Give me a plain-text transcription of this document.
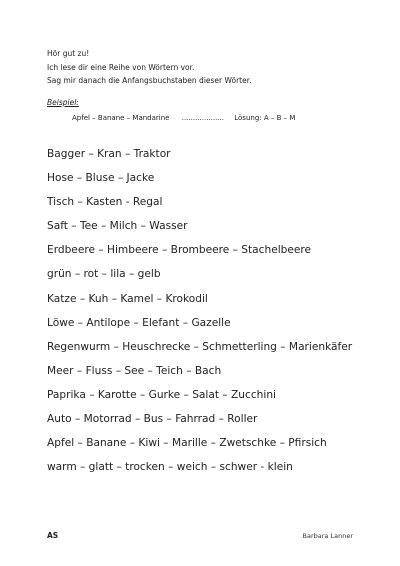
Hör gut zu!

Ich lese dir eine Reihe von Wörtern vor.

Sag mir danach die Anfangsbuchstaben dieser Wörter.

Beispiel:
Apfel – Banane – Mandarine ................... Lösung: A – B – M
Bagger – Kran – Traktor
Hose – Bluse – Jacke
Tisch – Kasten - Regal
Saft – Tee – Milch – Wasser
Erdbeere – Himbeere – Brombeere – Stachelbeere
grün – rot – lila – gelb
Katze – Kuh – Kamel – Krokodil
Löwe – Antilope – Elefant – Gazelle
Regenwurm – Heuschrecke – Schmetterling – Marienkäfer
Meer – Fluss – See – Teich – Bach
Paprika – Karotte – Gurke – Salat – Zucchini
Auto – Motorrad – Bus – Fahrrad – Roller
Apfel – Banane – Kiwi – Marille – Zwetschke – Pfirsich
warm – glatt – trocken – weich – schwer - klein
AS	Barbara Lanner
